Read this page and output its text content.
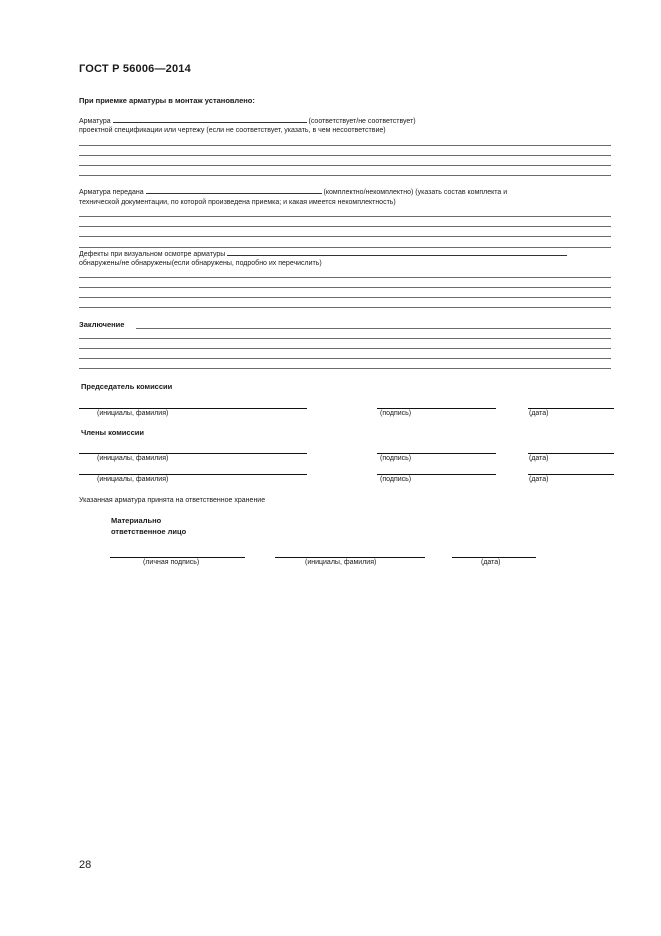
ГОСТ Р 56006—2014
При приемке арматуры в монтаж установлено:
Арматура	(соответствует/не соответствует)
проектной спецификации или чертежу (если не соответствует, указать, в чем несоответствие)
Арматура передана	(комплектно/некомплектно) (указать состав комплекта и
технической документации, по которой произведена приемка; и какая имеется некомплектность)
Дефекты при визуальном осмотре арматуры
обнаружены/не обнаружены(если обнаружены, подробно их перечислить)
Заключение
Председатель комиссии
(инициалы, фамилия)	(подпись)	(дата)
Члены комиссии
(инициалы, фамилия)	(подпись)	(дата)
(инициалы, фамилия)	(подпись)	(дата)
Указанная арматура принята на ответственное хранение
Материально
ответственное лицо
(личная подпись)	(инициалы, фамилия)	(дата)
28
